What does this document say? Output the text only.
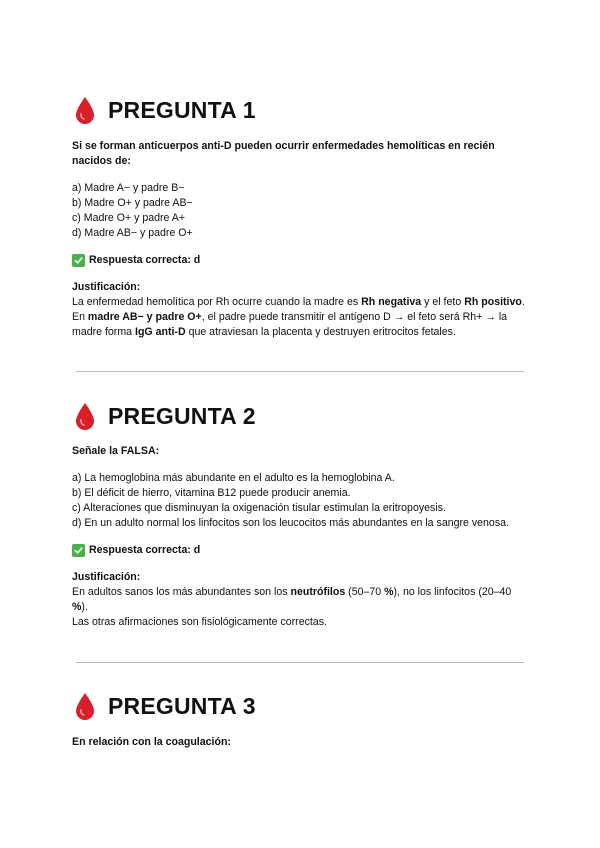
PREGUNTA 1
Si se forman anticuerpos anti-D pueden ocurrir enfermedades hemolíticas en recién nacidos de:
a) Madre A− y padre B−
b) Madre O+ y padre AB−
c) Madre O+ y padre A+
d) Madre AB− y padre O+
Respuesta correcta: d
Justificación:
La enfermedad hemolítica por Rh ocurre cuando la madre es Rh negativa y el feto Rh positivo.
En madre AB− y padre O+, el padre puede transmitir el antígeno D → el feto será Rh+ → la madre forma IgG anti-D que atraviesan la placenta y destruyen eritrocitos fetales.
PREGUNTA 2
Señale la FALSA:
a) La hemoglobina más abundante en el adulto es la hemoglobina A.
b) El déficit de hierro, vitamina B12 puede producir anemia.
c) Alteraciones que disminuyan la oxigenación tisular estimulan la eritropoyesis.
d) En un adulto normal los linfocitos son los leucocitos más abundantes en la sangre venosa.
Respuesta correcta: d
Justificación:
En adultos sanos los más abundantes son los neutrófilos (50–70 %), no los linfocitos (20–40 %).
Las otras afirmaciones son fisiológicamente correctas.
PREGUNTA 3
En relación con la coagulación:
